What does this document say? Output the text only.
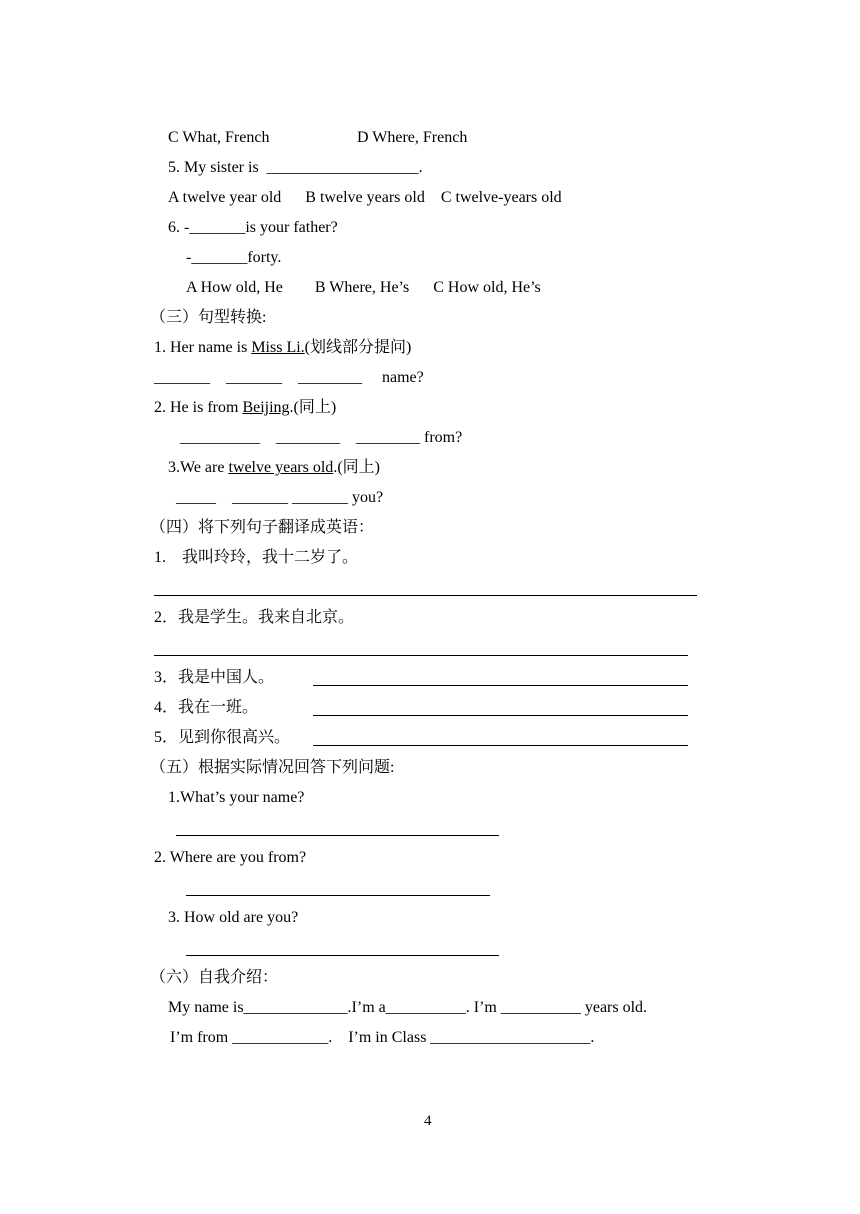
C What, French	D Where, French
5. My sister is  ___________________.
A twelve year old      B twelve years old    C twelve-years old
6. -_______is your father?
-_______forty.
A How old, He        B Where, He’s      C How old, He’s
（三）句型转换:
1. Her name is Miss Li.(划线部分提问)
_______    _______    ________     name?
2. He is from Beijing.(同上)
__________    ________    ________ from?
3.We are twelve years old.(同上)
_____    _______ _______ you?
（四）将下列句子翻译成英语：
1.    我叫玲玲，我十二岁了。
2．我是学生。我来自北京。
3．我是中国人。
4．我在一班。
5．见到你很高兴。
（五）根据实际情况回答下列问题:
1.What’s your name?
2. Where are you from?
3. How old are you?
（六）自我介绍：
My name is_____________.I’m a__________. I’m __________ years old.
I’m from ____________.    I’m in Class ____________________.
4
